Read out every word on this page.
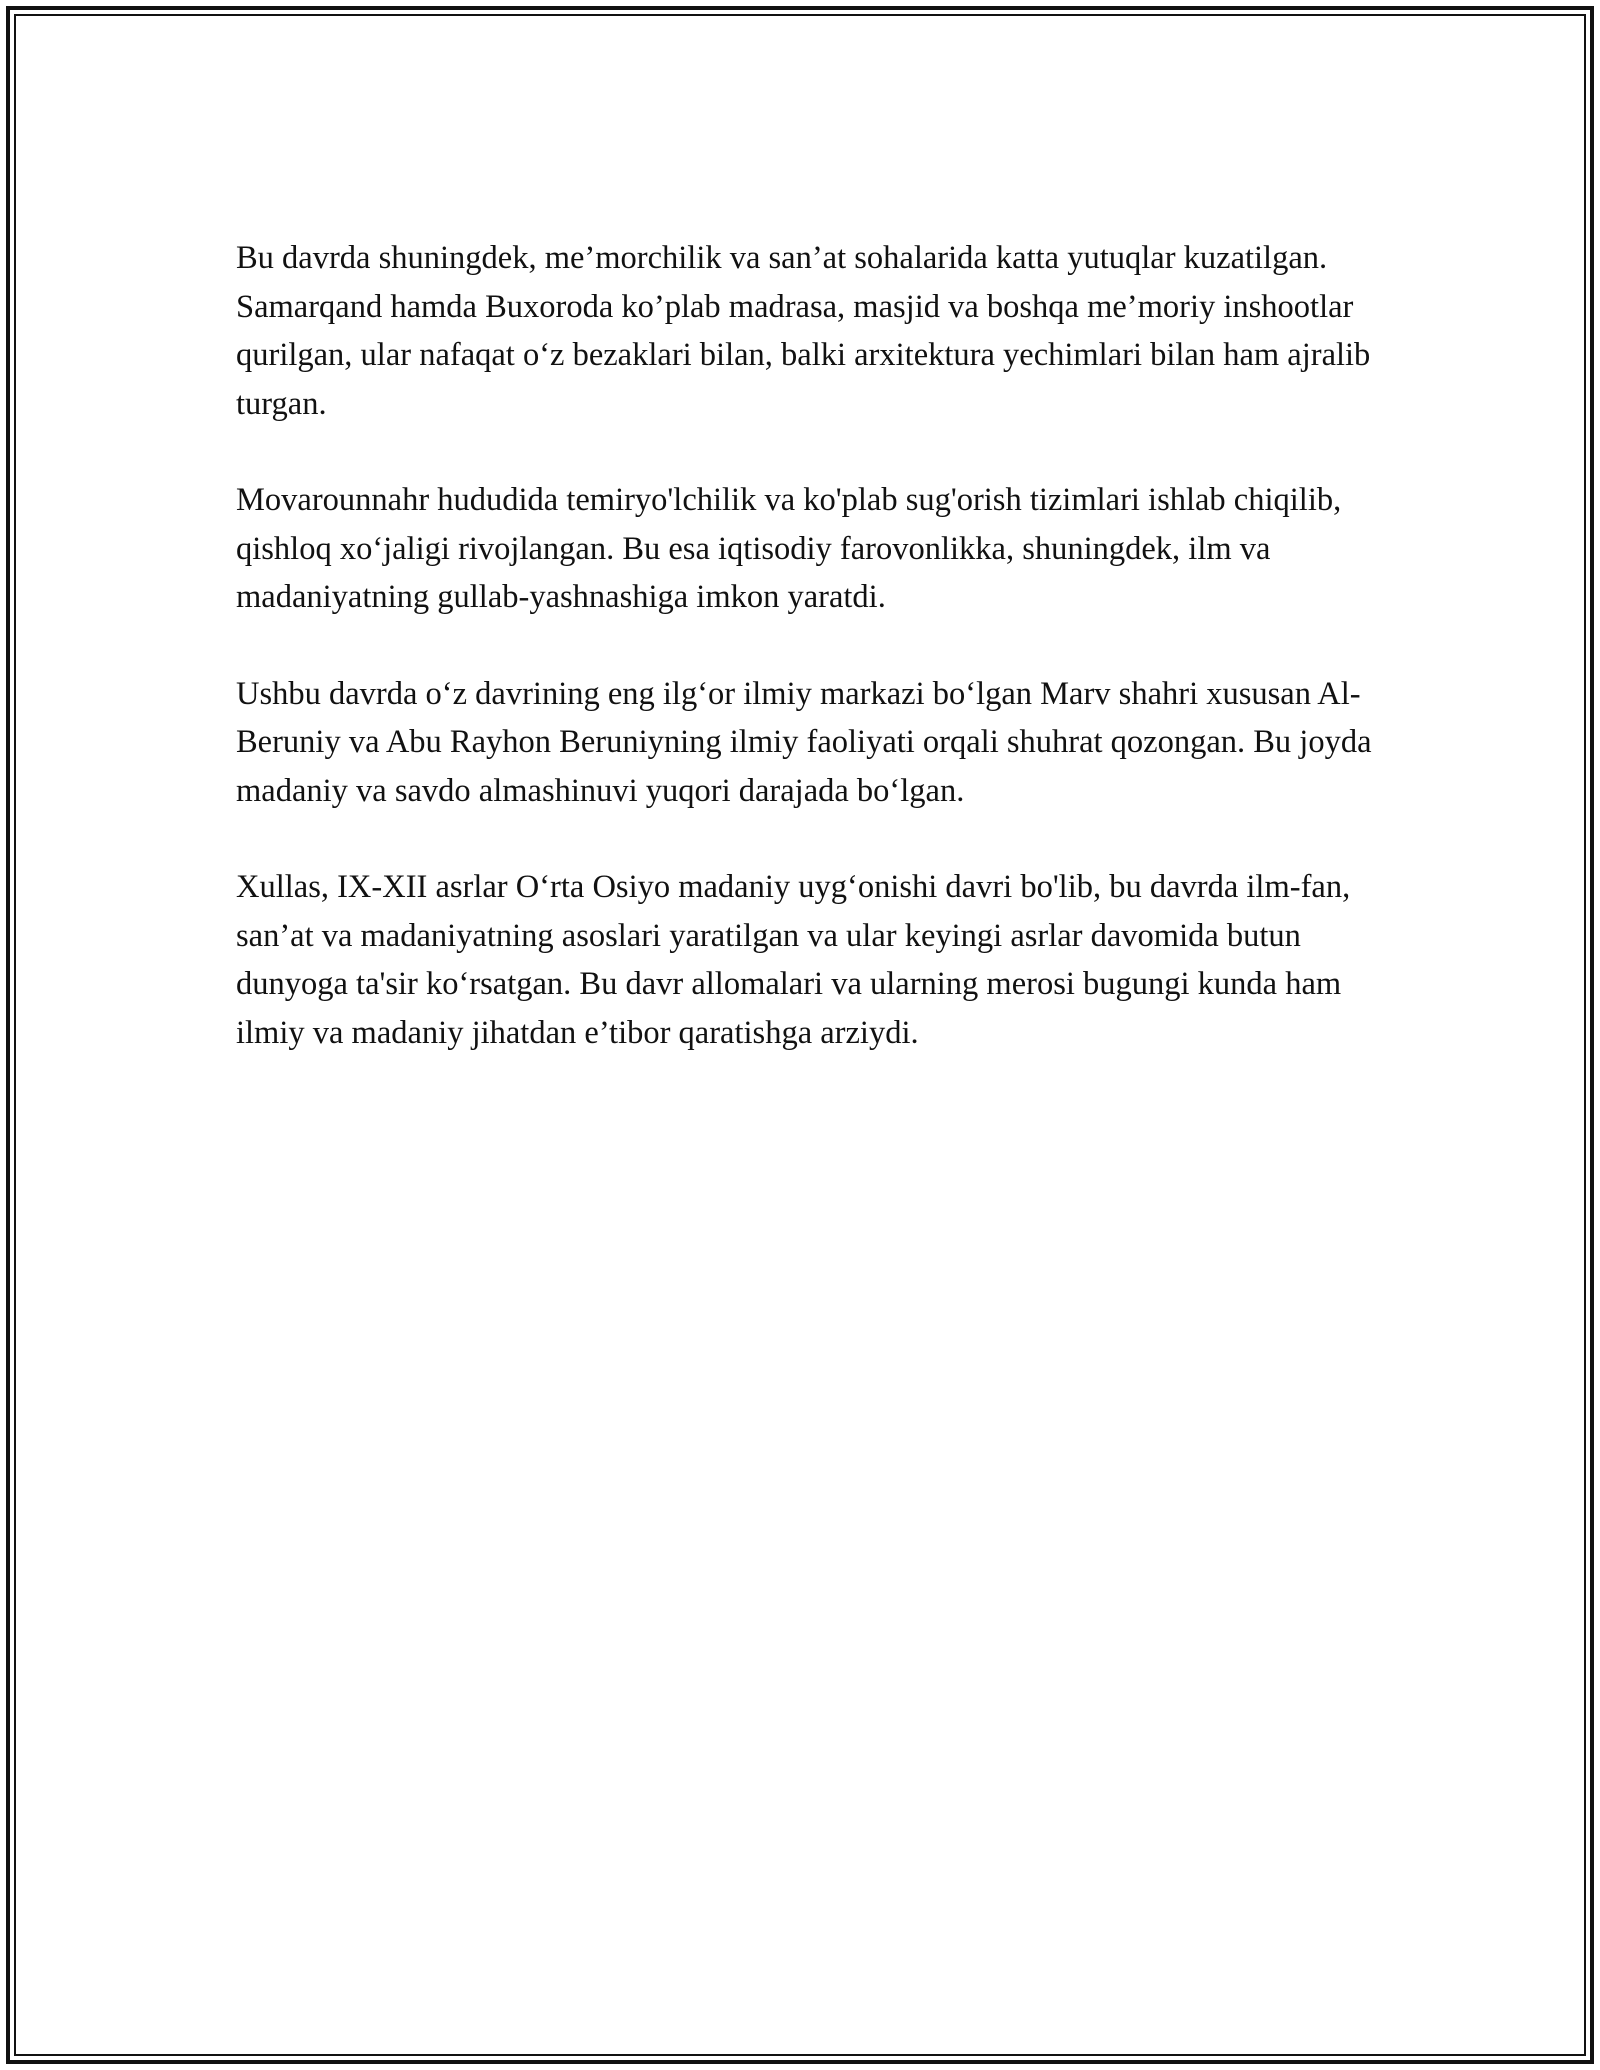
Bu davrda shuningdek, me’morchilik va san’at sohalarida katta yutuqlar kuzatilgan. Samarqand hamda Buxoroda ko’plab madrasa, masjid va boshqa me’moriy inshootlar qurilgan, ular nafaqat o‘z bezaklari bilan, balki arxitektura yechimlari bilan ham ajralib turgan.

Movarounnahr hududida temiryo'lchilik va ko'plab sug'orish tizimlari ishlab chiqilib, qishloq xo‘jaligi rivojlangan. Bu esa iqtisodiy farovonlikka, shuningdek, ilm va madaniyatning gullab-yashnashiga imkon yaratdi.

Ushbu davrda o‘z davrining eng ilg‘or ilmiy markazi bo‘lgan Marv shahri xususan Al-Beruniy va Abu Rayhon Beruniyning ilmiy faoliyati orqali shuhrat qozongan. Bu joyda madaniy va savdo almashinuvi yuqori darajada bo‘lgan.

Xullas, IX-XII asrlar O‘rta Osiyo madaniy uyg‘onishi davri bo'lib, bu davrda ilm-fan, san’at va madaniyatning asoslari yaratilgan va ular keyingi asrlar davomida butun dunyoga ta'sir ko‘rsatgan. Bu davr allomalari va ularning merosi bugungi kunda ham ilmiy va madaniy jihatdan e’tibor qaratishga arziydi.
